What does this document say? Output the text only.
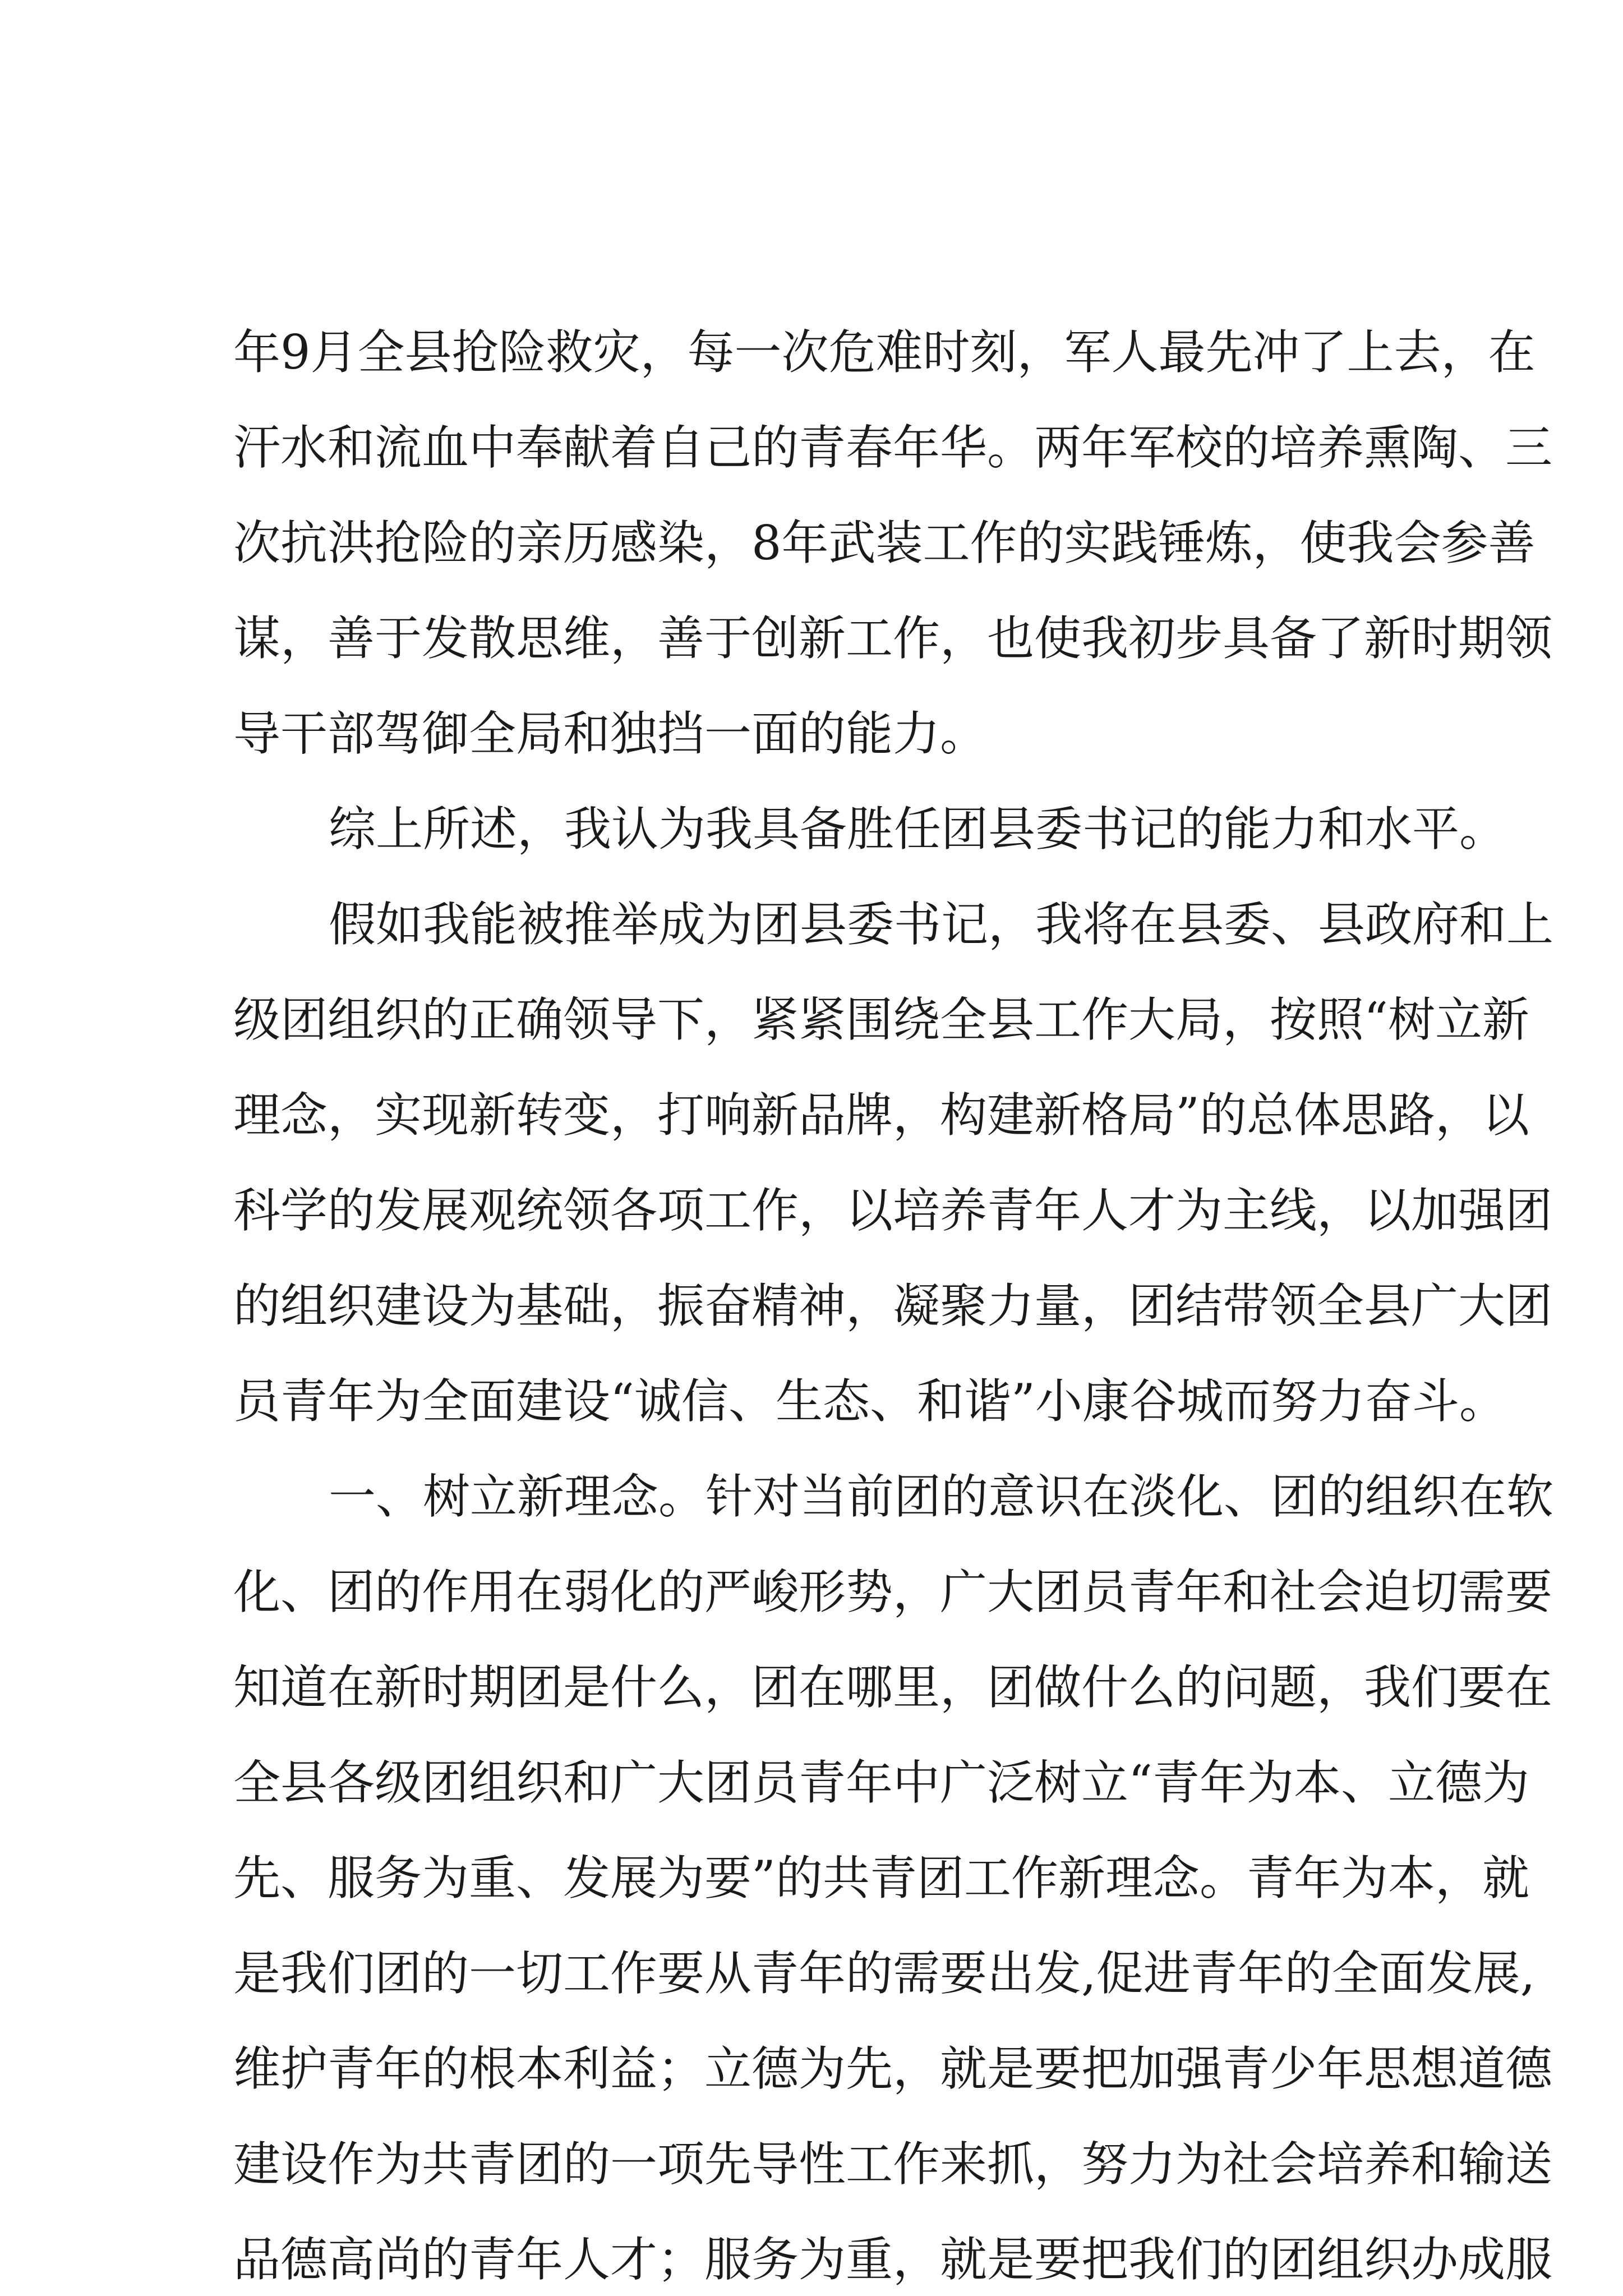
年9月全县抢险救灾，每一次危难时刻，军人最先冲了上去，在
汗水和流血中奉献着自己的青春年华。两年军校的培养熏陶、三
次抗洪抢险的亲历感染，8年武装工作的实践锤炼，使我会参善
谋，善于发散思维，善于创新工作，也使我初步具备了新时期领
导干部驾御全局和独挡一面的能力。
综上所述，我认为我具备胜任团县委书记的能力和水平。
假如我能被推举成为团县委书记，我将在县委、县政府和上
级团组织的正确领导下，紧紧围绕全县工作大局，按照“树立新
理念，实现新转变，打响新品牌，构建新格局”的总体思路，以
科学的发展观统领各项工作，以培养青年人才为主线，以加强团
的组织建设为基础，振奋精神，凝聚力量，团结带领全县广大团
员青年为全面建设“诚信、生态、和谐”小康谷城而努力奋斗。
一、树立新理念。针对当前团的意识在淡化、团的组织在软
化、团的作用在弱化的严峻形势，广大团员青年和社会迫切需要
知道在新时期团是什么，团在哪里，团做什么的问题，我们要在
全县各级团组织和广大团员青年中广泛树立“青年为本、立德为
先、服务为重、发展为要”的共青团工作新理念。青年为本，就
是我们团的一切工作要从青年的需要出发,促进青年的全面发展,
维护青年的根本利益；立德为先，就是要把加强青少年思想道德
建设作为共青团的一项先导性工作来抓，努力为社会培养和输送
品德高尚的青年人才；服务为重，就是要把我们的团组织办成服
